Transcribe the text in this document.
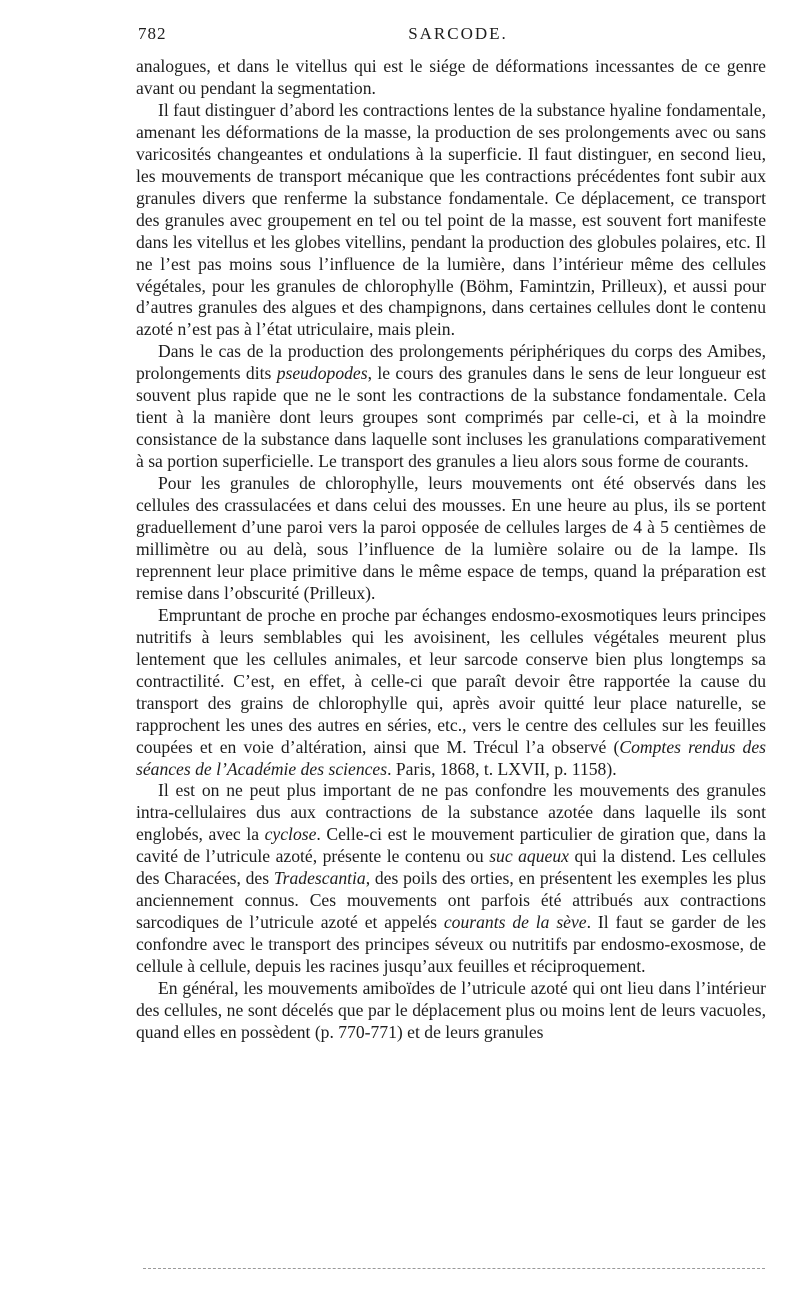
782	SARCODE.

analogues, et dans le vitellus qui est le siége de déformations incessantes de ce genre avant ou pendant la segmentation.

Il faut distinguer d’abord les contractions lentes de la substance hyaline fondamentale, amenant les déformations de la masse, la production de ses prolongements avec ou sans varicosités changeantes et ondulations à la superficie. Il faut distinguer, en second lieu, les mouvements de transport mécanique que les contractions précédentes font subir aux granules divers que renferme la substance fondamentale. Ce déplacement, ce transport des granules avec groupement en tel ou tel point de la masse, est souvent fort manifeste dans les vitellus et les globes vitellins, pendant la production des globules polaires, etc. Il ne l’est pas moins sous l’influence de la lumière, dans l’intérieur même des cellules végétales, pour les granules de chlorophylle (Böhm, Famintzin, Prilleux), et aussi pour d’autres granules des algues et des champignons, dans certaines cellules dont le contenu azoté n’est pas à l’état utriculaire, mais plein.

Dans le cas de la production des prolongements périphériques du corps des Amibes, prolongements dits pseudopodes, le cours des granules dans le sens de leur longueur est souvent plus rapide que ne le sont les contractions de la substance fondamentale. Cela tient à la manière dont leurs groupes sont comprimés par celle-ci, et à la moindre consistance de la substance dans laquelle sont incluses les granulations comparativement à sa portion superficielle. Le transport des granules a lieu alors sous forme de courants.

Pour les granules de chlorophylle, leurs mouvements ont été observés dans les cellules des crassulacées et dans celui des mousses. En une heure au plus, ils se portent graduellement d’une paroi vers la paroi opposée de cellules larges de 4 à 5 centièmes de millimètre ou au delà, sous l’influence de la lumière solaire ou de la lampe. Ils reprennent leur place primitive dans le même espace de temps, quand la préparation est remise dans l’obscurité (Prilleux).

Empruntant de proche en proche par échanges endosmo-exosmotiques leurs principes nutritifs à leurs semblables qui les avoisinent, les cellules végétales meurent plus lentement que les cellules animales, et leur sarcode conserve bien plus longtemps sa contractilité. C’est, en effet, à celle-ci que paraît devoir être rapportée la cause du transport des grains de chlorophylle qui, après avoir quitté leur place naturelle, se rapprochent les unes des autres en séries, etc., vers le centre des cellules sur les feuilles coupées et en voie d’altération, ainsi que M. Trécul l’a observé (Comptes rendus des séances de l’Académie des sciences. Paris, 1868, t. LXVII, p. 1158).

Il est on ne peut plus important de ne pas confondre les mouvements des granules intra-cellulaires dus aux contractions de la substance azotée dans laquelle ils sont englobés, avec la cyclose. Celle-ci est le mouvement particulier de giration que, dans la cavité de l’utricule azoté, présente le contenu ou suc aqueux qui la distend. Les cellules des Characées, des Tradescantia, des poils des orties, en présentent les exemples les plus anciennement connus. Ces mouvements ont parfois été attribués aux contractions sarcodiques de l’utricule azoté et appelés courants de la sève. Il faut se garder de les confondre avec le transport des principes séveux ou nutritifs par endosmo-exosmose, de cellule à cellule, depuis les racines jusqu’aux feuilles et réciproquement.

En général, les mouvements amiboïdes de l’utricule azoté qui ont lieu dans l’intérieur des cellules, ne sont décelés que par le déplacement plus ou moins lent de leurs vacuoles, quand elles en possèdent (p. 770-771) et de leurs granules
